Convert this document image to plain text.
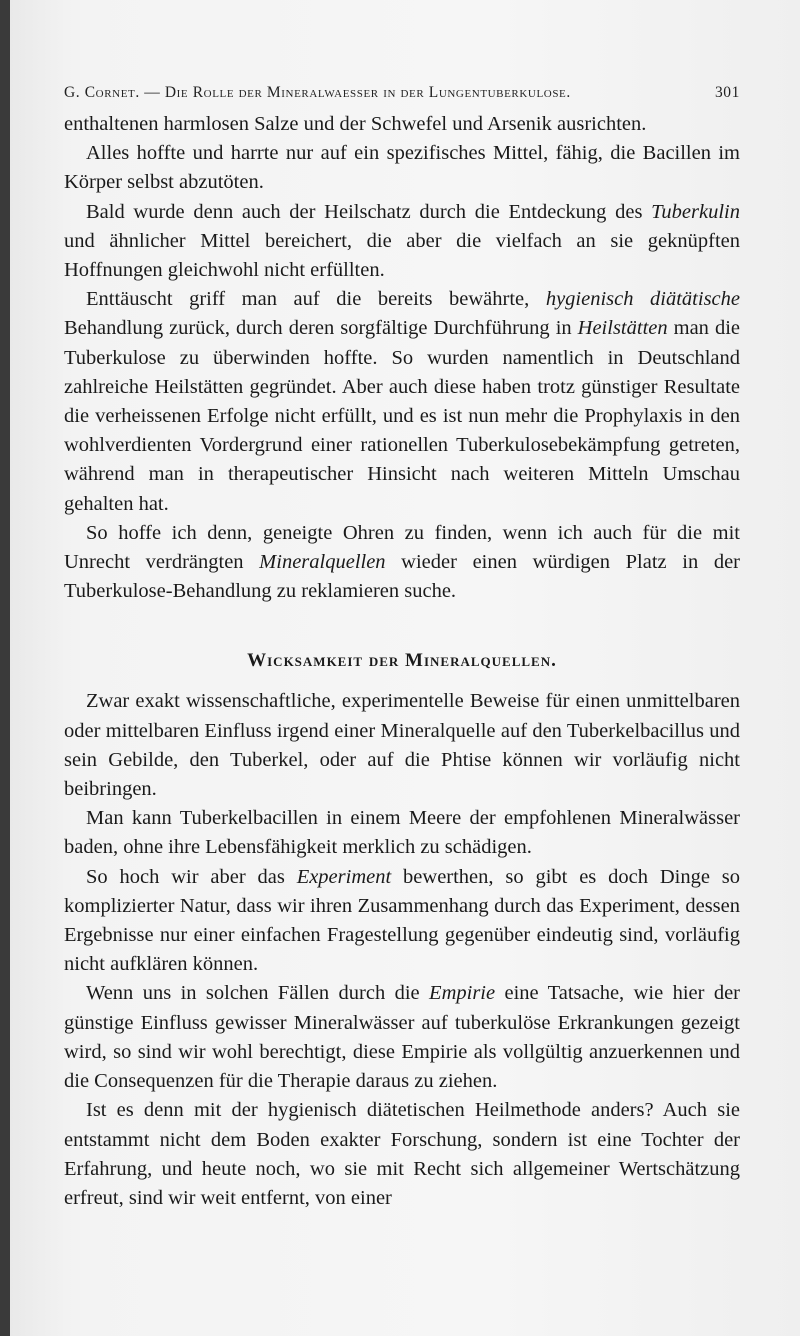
G. Cornet. — Die Rolle der Mineralwaesser in der Lungentuberkulose.	301

enthaltenen harmlosen Salze und der Schwefel und Arsenik ausrichten.

Alles hoffte und harrte nur auf ein spezifisches Mittel, fähig, die Bacillen im Körper selbst abzutöten.

Bald wurde denn auch der Heilschatz durch die Entdeckung des Tuberkulin und ähnlicher Mittel bereichert, die aber die vielfach an sie geknüpften Hoffnungen gleichwohl nicht erfüllten.

Enttäuscht griff man auf die bereits bewährte, hygienisch diätätische Behandlung zurück, durch deren sorgfältige Durchführung in Heilstätten man die Tuberkulose zu überwinden hoffte. So wurden namentlich in Deutschland zahlreiche Heilstätten gegründet. Aber auch diese haben trotz günstiger Resultate die verheissenen Erfolge nicht erfüllt, und es ist nun mehr die Prophylaxis in den wohlverdienten Vordergrund einer rationellen Tuberkulosebekämpfung getreten, während man in therapeutischer Hinsicht nach weiteren Mitteln Umschau gehalten hat.

So hoffe ich denn, geneigte Ohren zu finden, wenn ich auch für die mit Unrecht verdrängten Mineralquellen wieder einen würdigen Platz in der Tuberkulose-Behandlung zu reklamieren suche.

Wicksamkeit der Mineralquellen.

Zwar exakt wissenschaftliche, experimentelle Beweise für einen unmittelbaren oder mittelbaren Einfluss irgend einer Mineralquelle auf den Tuberkelbacillus und sein Gebilde, den Tuberkel, oder auf die Phtise können wir vorläufig nicht beibringen.

Man kann Tuberkelbacillen in einem Meere der empfohlenen Mineralwässer baden, ohne ihre Lebensfähigkeit merklich zu schädigen.

So hoch wir aber das Experiment bewerthen, so gibt es doch Dinge so komplizierter Natur, dass wir ihren Zusammenhang durch das Experiment, dessen Ergebnisse nur einer einfachen Fragestellung gegenüber eindeutig sind, vorläufig nicht aufklären können.

Wenn uns in solchen Fällen durch die Empirie eine Tatsache, wie hier der günstige Einfluss gewisser Mineralwässer auf tuberkulöse Erkrankungen gezeigt wird, so sind wir wohl berechtigt, diese Empirie als vollgültig anzuerkennen und die Consequenzen für die Therapie daraus zu ziehen.

Ist es denn mit der hygienisch diätetischen Heilmethode anders? Auch sie entstammt nicht dem Boden exakter Forschung, sondern ist eine Tochter der Erfahrung, und heute noch, wo sie mit Recht sich allgemeiner Wertschätzung erfreut, sind wir weit entfernt, von einer
